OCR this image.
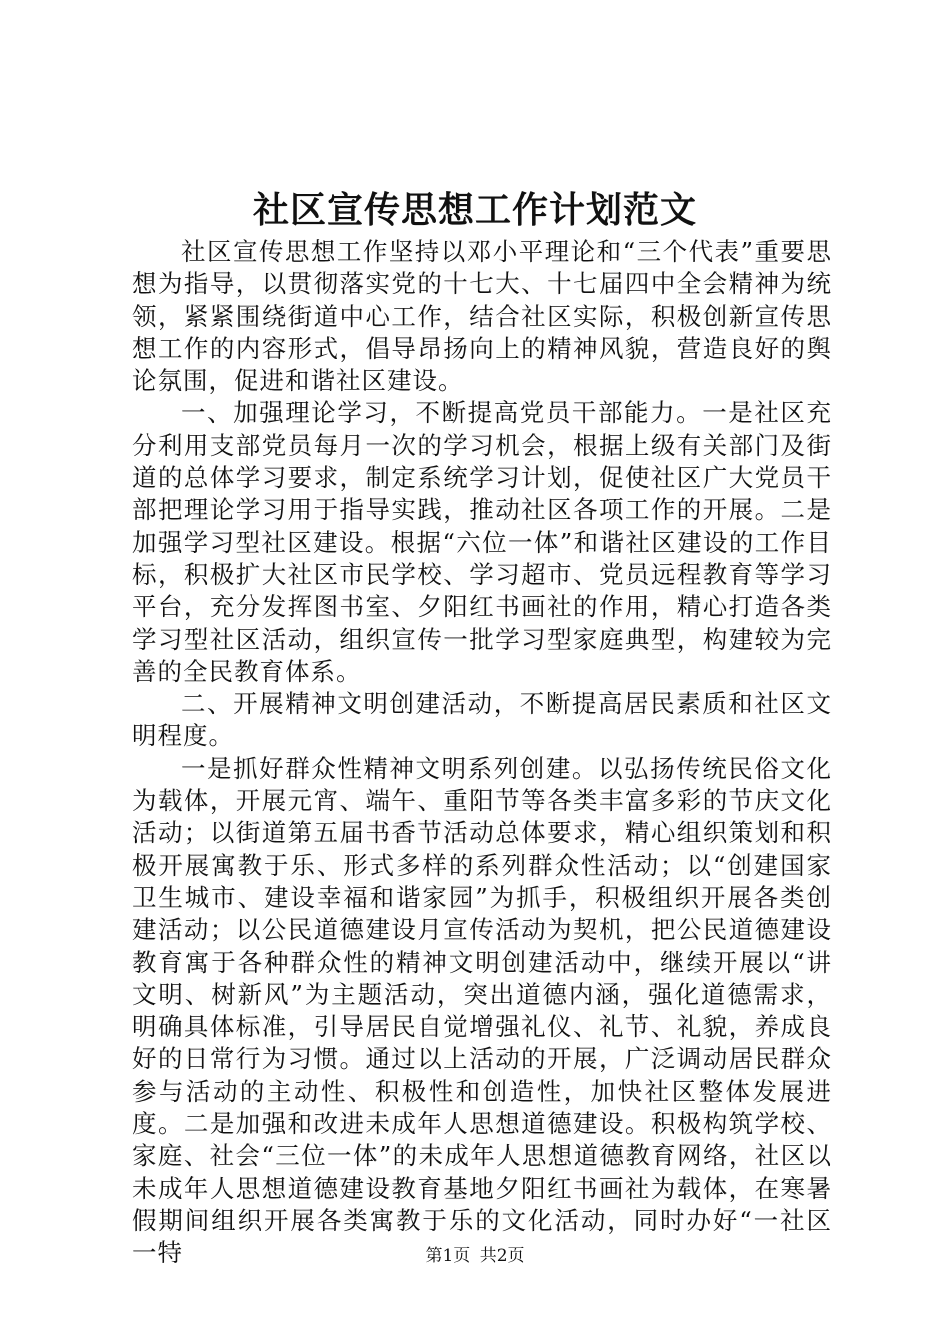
社区宣传思想工作计划范文

社区宣传思想工作坚持以邓小平理论和“三个代表”重要思想为指导，以贯彻落实党的十七大、十七届四中全会精神为统领，紧紧围绕街道中心工作，结合社区实际，积极创新宣传思想工作的内容形式，倡导昂扬向上的精神风貌，营造良好的舆论氛围，促进和谐社区建设。

一、加强理论学习，不断提高党员干部能力。一是社区充分利用支部党员每月一次的学习机会，根据上级有关部门及街道的总体学习要求，制定系统学习计划，促使社区广大党员干部把理论学习用于指导实践，推动社区各项工作的开展。二是加强学习型社区建设。根据“六位一体”和谐社区建设的工作目标，积极扩大社区市民学校、学习超市、党员远程教育等学习平台，充分发挥图书室、夕阳红书画社的作用，精心打造各类学习型社区活动，组织宣传一批学习型家庭典型，构建较为完善的全民教育体系。

二、开展精神文明创建活动，不断提高居民素质和社区文明程度。

一是抓好群众性精神文明系列创建。以弘扬传统民俗文化为载体，开展元宵、端午、重阳节等各类丰富多彩的节庆文化活动；以街道第五届书香节活动总体要求，精心组织策划和积极开展寓教于乐、形式多样的系列群众性活动；以“创建国家卫生城市、建设幸福和谐家园”为抓手，积极组织开展各类创建活动；以公民道德建设月宣传活动为契机，把公民道德建设教育寓于各种群众性的精神文明创建活动中，继续开展以“讲文明、树新风”为主题活动，突出道德内涵，强化道德需求，明确具体标准，引导居民自觉增强礼仪、礼节、礼貌，养成良好的日常行为习惯。通过以上活动的开展，广泛调动居民群众参与活动的主动性、积极性和创造性，加快社区整体发展进度。二是加强和改进未成年人思想道德建设。积极构筑学校、家庭、社会“三位一体”的未成年人思想道德教育网络，社区以未成年人思想道德建设教育基地夕阳红书画社为载体，在寒暑假期间组织开展各类寓教于乐的文化活动，同时办好“一社区一特	第1页 共2页
